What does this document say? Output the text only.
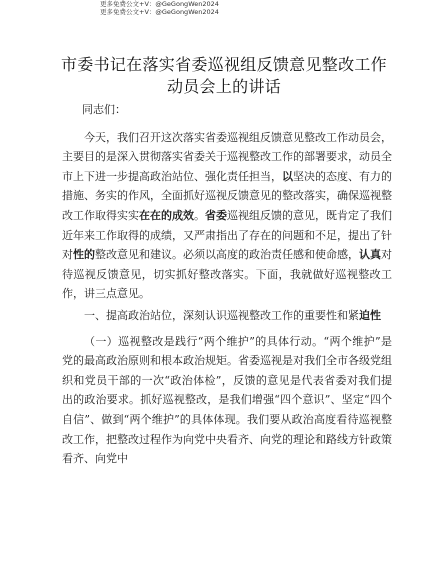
更多免费公文+V：@GeGongWen2024
更多免费公文+V：@GeGongWen2024
市委书记在落实省委巡视组反馈意见整改工作
动员会上的讲话

同志们：

今天，我们召开这次落实省委巡视组反馈意见整改工作动员会，主要目的是深入贯彻落实省委关于巡视整改工作的部署要求，动员全市上下进一步提高政治站位、强化责任担当，以坚决的态度、有力的措施、务实的作风，全面抓好巡视反馈意见的整改落实，确保巡视整改工作取得实实在在的成效。省委巡视组反馈的意见，既肯定了我们近年来工作取得的成绩，又严肃指出了存在的问题和不足，提出了针对性的整改意见和建议。必须以高度的政治责任感和使命感，认真对待巡视反馈意见，切实抓好整改落实。下面，我就做好巡视整改工作，讲三点意见。

一、提高政治站位，深刻认识巡视整改工作的重要性和紧迫性

（一）巡视整改是践行“两个维护”的具体行动。“两个维护”是党的最高政治原则和根本政治规矩。省委巡视是对我们全市各级党组织和党员干部的一次“政治体检”，反馈的意见是代表省委对我们提出的政治要求。抓好巡视整改，是我们增强“四个意识”、坚定“四个自信”、做到“两个维护”的具体体现。我们要从政治高度看待巡视整改工作，把整改过程作为向党中央看齐、向党的理论和路线方针政策看齐、向党中
